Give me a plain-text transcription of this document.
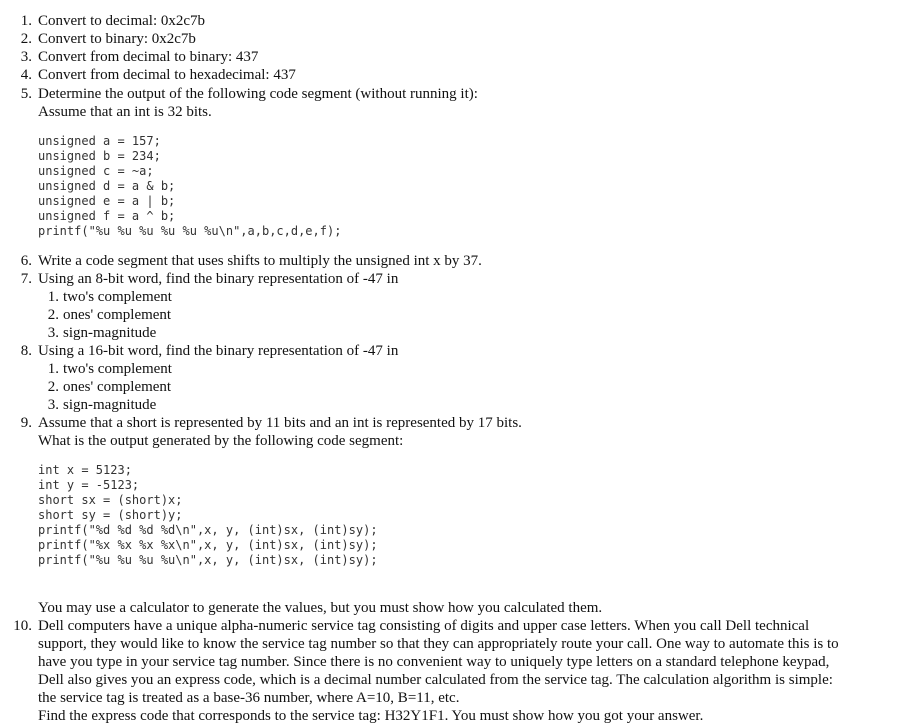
1. Convert to decimal: 0x2c7b
2. Convert to binary: 0x2c7b
3. Convert from decimal to binary: 437
4. Convert from decimal to hexadecimal: 437
5. Determine the output of the following code segment (without running it):
Assume that an int is 32 bits.
unsigned a = 157;
unsigned b = 234;
unsigned c = ~a;
unsigned d = a & b;
unsigned e = a | b;
unsigned f = a ^ b;
printf("%u %u %u %u %u %u\n",a,b,c,d,e,f);
6. Write a code segment that uses shifts to multiply the unsigned int x by 37.
7. Using an 8-bit word, find the binary representation of -47 in
1. two's complement
2. ones' complement
3. sign-magnitude
8. Using a 16-bit word, find the binary representation of -47 in
1. two's complement
2. ones' complement
3. sign-magnitude
9. Assume that a short is represented by 11 bits and an int is represented by 17 bits.
What is the output generated by the following code segment:
int x = 5123;
int y = -5123;
short sx = (short)x;
short sy = (short)y;
printf("%d %d %d %d\n",x, y, (int)sx, (int)sy);
printf("%x %x %x %x\n",x, y, (int)sx, (int)sy);
printf("%u %u %u %u\n",x, y, (int)sx, (int)sy);
You may use a calculator to generate the values, but you must show how you calculated them.
10. Dell computers have a unique alpha-numeric service tag consisting of digits and upper case letters. When you call Dell technical
support, they would like to know the service tag number so that they can appropriately route your call. One way to automate this is to
have you type in your service tag number. Since there is no convenient way to uniquely type letters on a standard telephone keypad,
Dell also gives you an express code, which is a decimal number calculated from the service tag. The calculation algorithm is simple:
the service tag is treated as a base-36 number, where A=10, B=11, etc.
Find the express code that corresponds to the service tag: H32Y1F1. You must show how you got your answer.
